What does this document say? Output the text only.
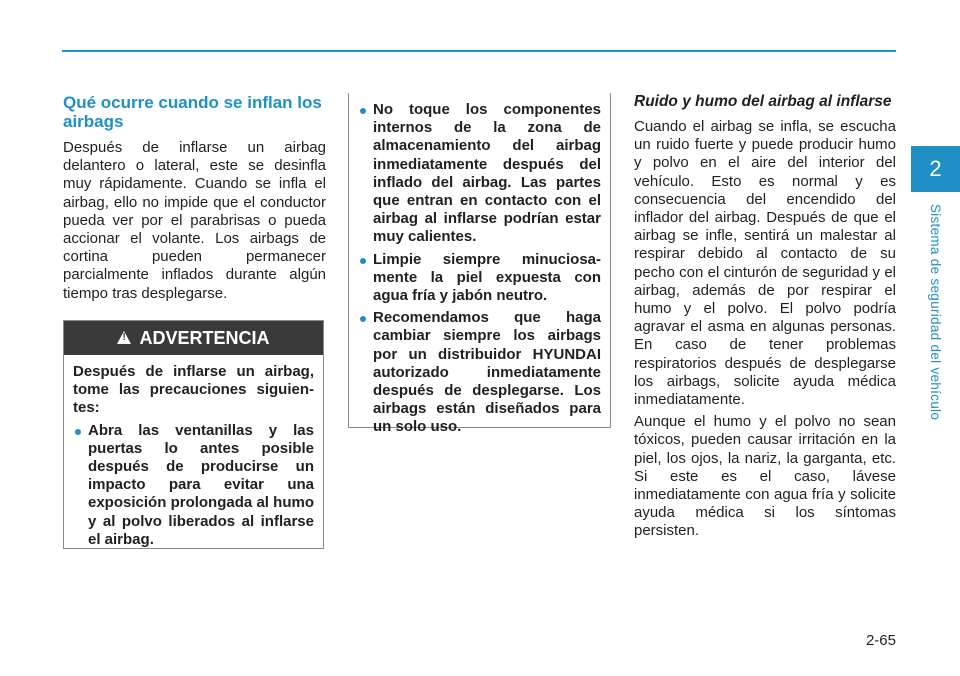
2
Sistema de seguridad del vehículo
Qué ocurre cuando se inflan los airbags

Después de inflarse un airbag delantero o lateral, este se desinfla muy rápidamente. Cuando se infla el airbag, ello no impide que el conductor pueda ver por el parabrisas o pueda accionar el volante. Los airbags de cortina pueden permanecer parcialmente inflados durante algún tiempo tras desplegarse.

!
ADVERTENCIA

Después de inflarse un airbag, tome las precauciones siguien-tes:

Abra las ventanillas y las puertas lo antes posible después de producirse un impacto para evitar una exposición prolongada al humo y al polvo liberados al inflarse el airbag.
No toque los componentes internos de la zona de almacenamiento del airbag inmediatamente después del inflado del airbag. Las partes que entran en contacto con el airbag al inflarse podrían estar muy calientes.
Limpie siempre minuciosa-mente la piel expuesta con agua fría y jabón neutro.
Recomendamos que haga cambiar siempre los airbags por un distribuidor HYUNDAI autorizado inmediatamente después de desplegarse. Los airbags están diseñados para un solo uso.
Ruido y humo del airbag al inflarse

Cuando el airbag se infla, se escucha un ruido fuerte y puede producir humo y polvo en el aire del interior del vehículo. Esto es normal y es consecuencia del encendido del inflador del airbag. Después de que el airbag se infle, sentirá un malestar al respirar debido al contacto de su pecho con el cinturón de seguridad y el airbag, además de por respirar el humo y el polvo. El polvo podría agravar el asma en algunas personas. En caso de tener problemas respiratorios después de desplegarse los airbags, solicite ayuda médica inmediatamente.

Aunque el humo y el polvo no sean tóxicos, pueden causar irritación en la piel, los ojos, la nariz, la garganta, etc. Si este es el caso, lávese inmediatamente con agua fría y solicite ayuda médica si los síntomas persisten.

2-65
